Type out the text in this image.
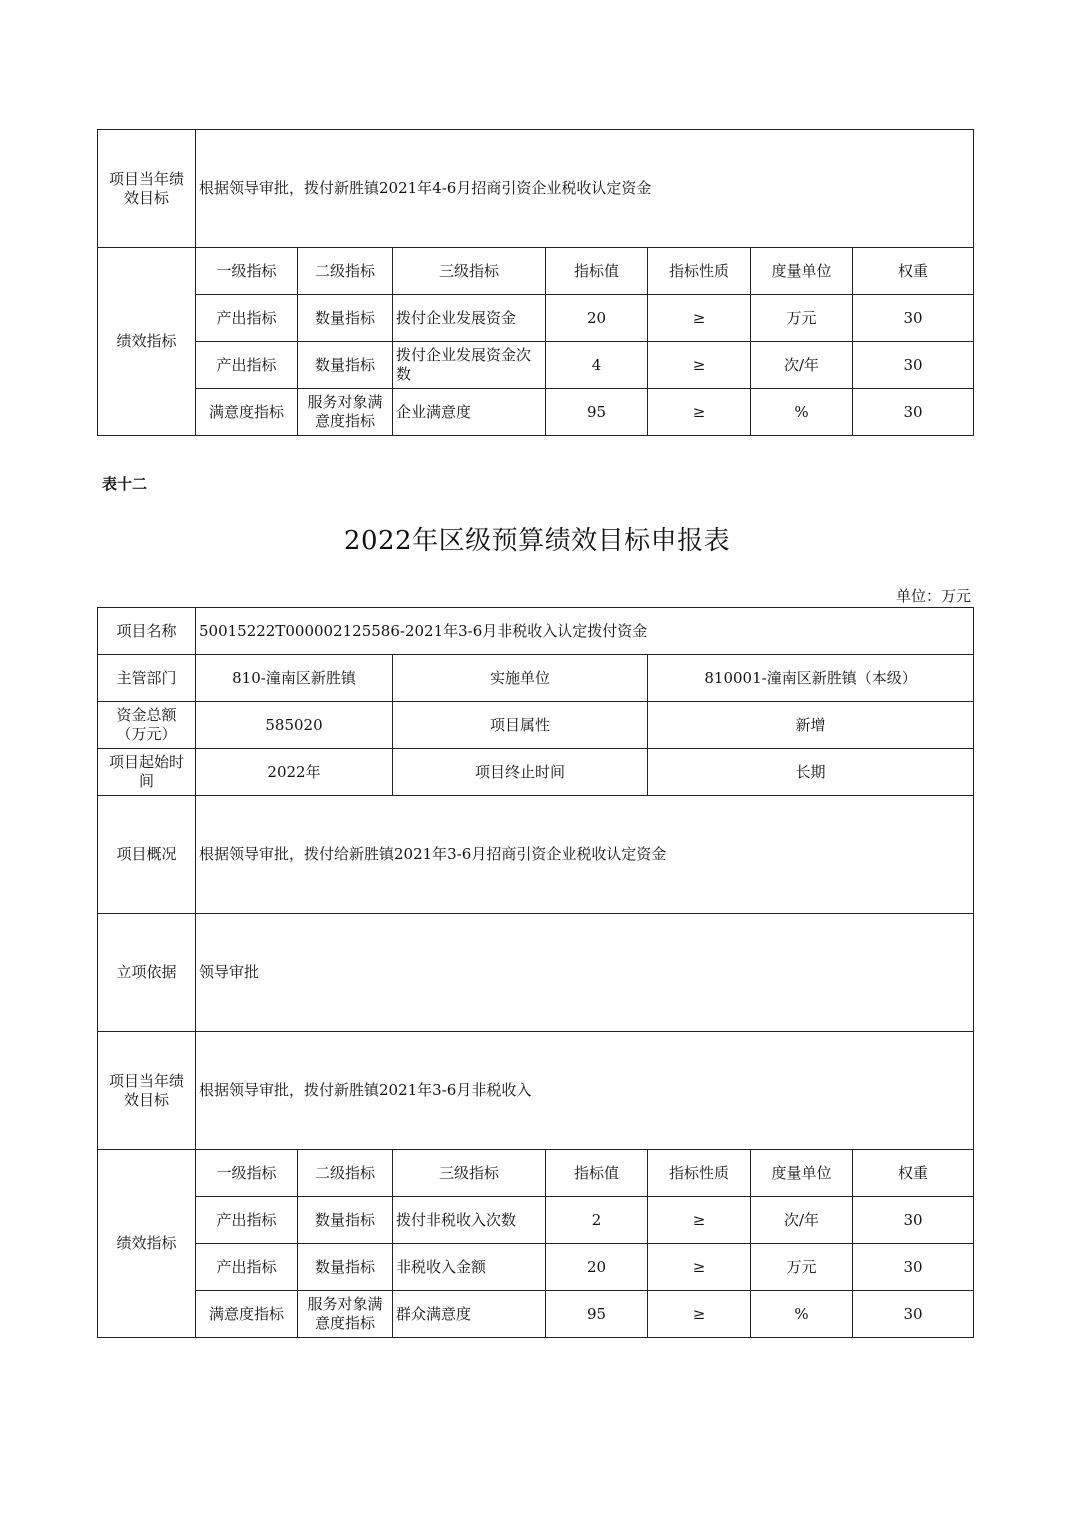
项目当年绩效目标	根据领导审批，拨付新胜镇2021年4-6月招商引资企业税收认定资金						
绩效指标	一级指标	二级指标	三级指标	指标值	指标性质	度量单位	权重
	产出指标	数量指标	拨付企业发展资金	20	≥	万元	30
	产出指标	数量指标	拨付企业发展资金次数	4	≥	次/年	30
	满意度指标	服务对象满意度指标	企业满意度	95	≥	%	30
表十二
2022年区级预算绩效目标申报表
单位：万元
项目名称	50015222T000002125586-2021年3-6月非税收入认定拨付资金						
主管部门	810-潼南区新胜镇		实施单位		810001-潼南区新胜镇（本级）		
资金总额（万元）	585020		项目属性		新增		
项目起始时间	2022年		项目终止时间		长期		
项目概况	根据领导审批，拨付给新胜镇2021年3-6月招商引资企业税收认定资金						
立项依据	领导审批						
项目当年绩效目标	根据领导审批，拨付新胜镇2021年3-6月非税收入						
绩效指标	一级指标	二级指标	三级指标	指标值	指标性质	度量单位	权重
	产出指标	数量指标	拨付非税收入次数	2	≥	次/年	30
	产出指标	数量指标	非税收入金额	20	≥	万元	30
	满意度指标	服务对象满意度指标	群众满意度	95	≥	%	30
